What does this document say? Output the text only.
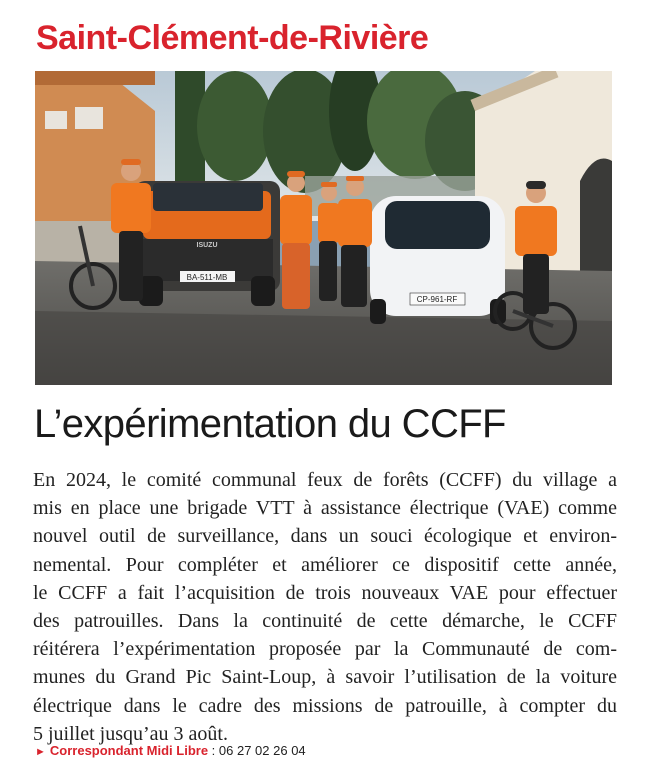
Saint-Clément-de-Rivière
BA-511-MB
ISUZU
CP-961-RF
L’expérimentation du CCFF
En 2024, le comité communal feux de forêts (CCFF) du village a
mis en place une brigade VTT à assistance électrique (VAE) comme
nouvel outil de surveillance, dans un souci écologique et environ-
nemental. Pour compléter et améliorer ce dispositif cette année,
le CCFF a fait l’acquisition de trois nouveaux VAE pour effectuer
des patrouilles. Dans la continuité de cette démarche, le CCFF
réitérera l’expérimentation proposée par la Communauté de com-
munes du Grand Pic Saint-Loup, à savoir l’utilisation de la voiture
électrique dans le cadre des missions de patrouille, à compter du
5 juillet jusqu’au 3 août.
► Correspondant Midi Libre : 06 27 02 26 04
